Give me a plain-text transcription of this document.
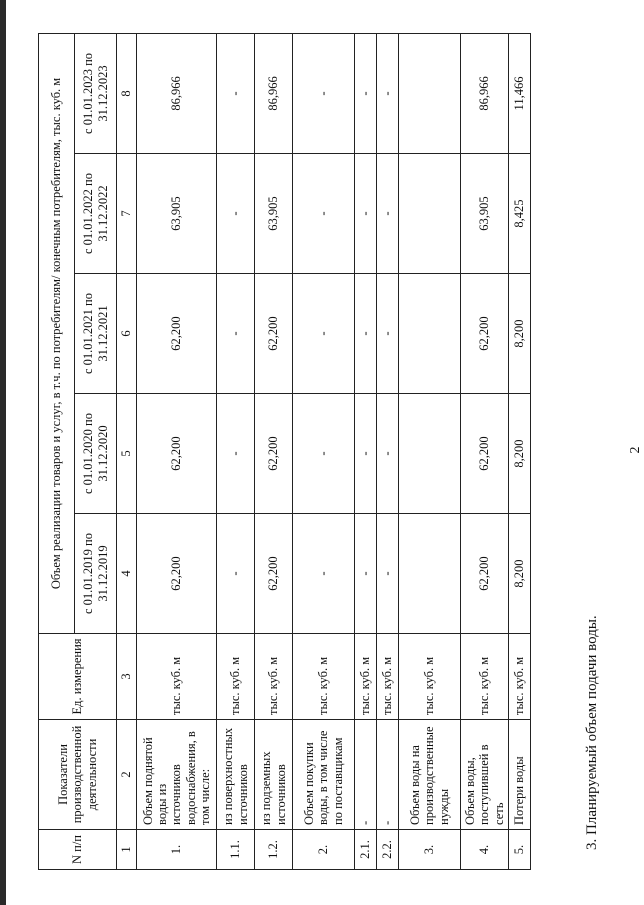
2
3. Планируемый объем подачи воды.
N п/п	Показатели производственной деятельности	Ед. измерения	Объем реализации товаров и услуг, в т.ч. по потребителям/ конечным потребителям, тыс. куб. м				
			с 01.01.2019 по 31.12.2019	с 01.01.2020 по 31.12.2020	с 01.01.2021 по 31.12.2021	с 01.01.2022 по 31.12.2022	с 01.01.2023 по 31.12.2023
1	2	3	4	5	6	7	8
1.	Объем поднятой воды из источников водоснабжения, в том числе:	тыс. куб. м	62,200	62,200	62,200	63,905	86,966
1.1.	из поверхностных источников	тыс. куб. м	-	-	-	-	-
1.2.	из подземных источников	тыс. куб. м	62,200	62,200	62,200	63,905	86,966
2.	Объем покупки воды, в том числе по поставщикам	тыс. куб. м	-	-	-	-	-
2.1.	-	тыс. куб. м	-	-	-	-	-
2.2.	-	тыс. куб. м	-	-	-	-	-
3.	Объем воды на производственные нужды	тыс. куб. м					
4.	Объем воды, поступившей в сеть	тыс. куб. м	62,200	62,200	62,200	63,905	86,966
5.	Потери воды	тыс. куб. м	8,200	8,200	8,200	8,425	11,466
